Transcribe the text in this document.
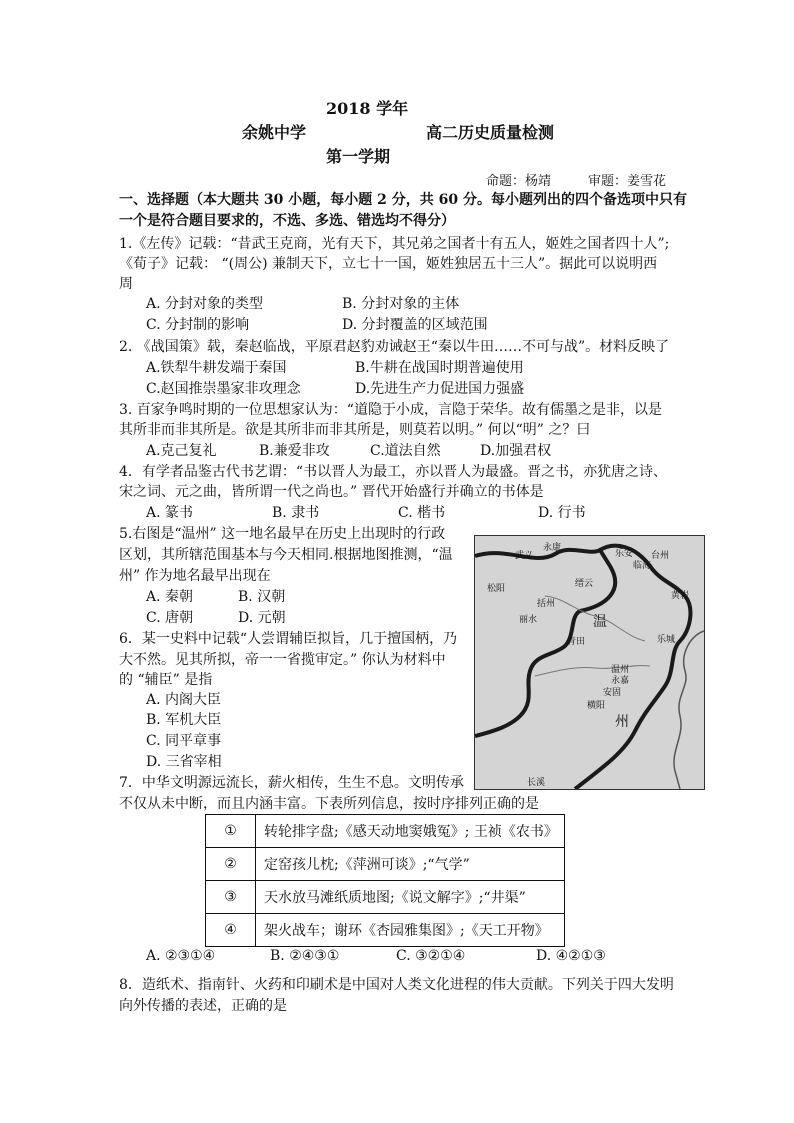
2018 学年
余姚中学	高二历史质量检测
第一学期
命题：杨靖	审题：姜雪花
一、选择题（本大题共 30 小题，每小题 2 分，共 60 分。每小题列出的四个备选项中只有
一个是符合题目要求的，不选、多选、错选均不得分）
1.《左传》记载：“昔武王克商，光有天下，其兄弟之国者十有五人，姬姓之国者四十人”;
《荀子》记载： “(周公) 兼制天下，立七十一国，姬姓独居五十三人”。据此可以说明西
周
A. 分封对象的类型	B. 分封对象的主体
C. 分封制的影响	D. 分封覆盖的区域范围
2. 《战国策》载，秦赵临战，平原君赵豹劝诫赵王“秦以牛田……不可与战”。材料反映了
A.铁犁牛耕发端于秦国	B.牛耕在战国时期普遍使用
C.赵国推崇墨家非攻理念	D.先进生产力促进国力强盛
3. 百家争鸣时期的一位思想家认为：“道隐于小成，言隐于荣华。故有儒墨之是非，以是
其所非而非其所是。欲是其所非而非其所是，则莫若以明。” 何以“明” 之？曰
A.克己复礼	B.兼爱非攻	C.道法自然	D.加强君权
4．有学者品鉴古代书艺谓：“书以晋人为最工，亦以晋人为最盛。晋之书，亦犹唐之诗、
宋之词、元之曲，皆所谓一代之尚也。” 晋代开始盛行并确立的书体是
A. 篆书	B. 隶书	C. 楷书	D. 行书
5.右图是“温州” 这一地名最早在历史上出现时的行政
区划，其所辖范围基本与今天相同.根据地图推测，“温
州” 作为地名最早出现在
A. 秦朝	B. 汉朝
C. 唐朝	D. 元朝
6．某一史料中记载“人尝谓辅臣拟旨，几于擅国柄，乃
大不然。见其所拟，帝一一省揽审定。” 你认为材料中
的 “辅臣” 是指
A. 内阁大臣
B. 军机大臣
C. 同平章事
D. 三省宰相
永康
武义	乐安 台州
临海
松阳
括州
丽水
黄岩
缙云
温
乐城
青田
温州
永嘉
安固
横阳
州
长溪
7．中华文明源远流长，薪火相传，生生不息。文明传承
不仅从未中断，而且内涵丰富。下表所列信息，按时序排列正确的是
①	转轮排字盘;《感天动地窦娥冤》; 王祯《农书》
②	定窑孩儿枕;《萍洲可谈》;“气学”
③	天水放马滩纸质地图;《说文解字》;“井渠”
④	架火战车；谢环《杏园雅集图》;《天工开物》
A. ②③①④	B. ②④③①	C. ③②①④	D. ④②①③
8．造纸术、指南针、火药和印刷术是中国对人类文化进程的伟大贡献。下列关于四大发明
向外传播的表述，正确的是
